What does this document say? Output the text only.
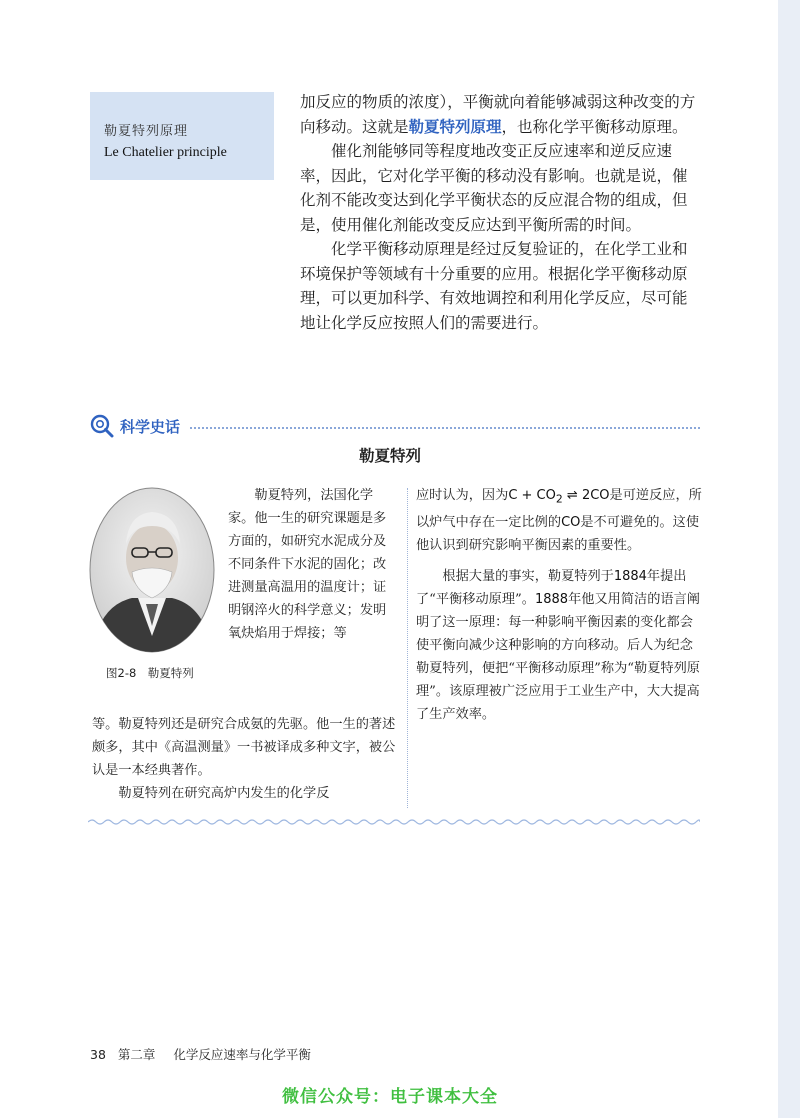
勒夏特列原理
Le Chatelier principle

加反应的物质的浓度），平衡就向着能够减弱这种改变的方向移动。这就是勒夏特列原理，也称化学平衡移动原理。

催化剂能够同等程度地改变正反应速率和逆反应速率，因此，它对化学平衡的移动没有影响。也就是说，催化剂不能改变达到化学平衡状态的反应混合物的组成，但是，使用催化剂能改变反应达到平衡所需的时间。

化学平衡移动原理是经过反复验证的，在化学工业和环境保护等领域有十分重要的应用。根据化学平衡移动原理，可以更加科学、有效地调控和利用化学反应，尽可能地让化学反应按照人们的需要进行。

科学史话
勒夏特列
图2-8　勒夏特列

勒夏特列，法国化学家。他一生的研究课题是多方面的，如研究水泥成分及不同条件下水泥的固化；改进测量高温用的温度计；证明钢淬火的科学意义；发明氧炔焰用于焊接；等

等。勒夏特列还是研究合成氨的先驱。他一生的著述颇多，其中《高温测量》一书被译成多种文字，被公认是一本经典著作。

勒夏特列在研究高炉内发生的化学反

应时认为，因为$C + CO_2$ ⇌ 2CO是可逆反应，所以炉气中存在一定比例的CO是不可避免的。这使他认识到研究影响平衡因素的重要性。

根据大量的事实，勒夏特列于1884年提出了“平衡移动原理”。1888年他又用简洁的语言阐明了这一原理：每一种影响平衡因素的变化都会使平衡向减少这种影响的方向移动。后人为纪念勒夏特列，便把“平衡移动原理”称为“勒夏特列原理”。该原理被广泛应用于工业生产中，大大提高了生产效率。

38 第二章 化学反应速率与化学平衡
微信公众号：电子课本大全
